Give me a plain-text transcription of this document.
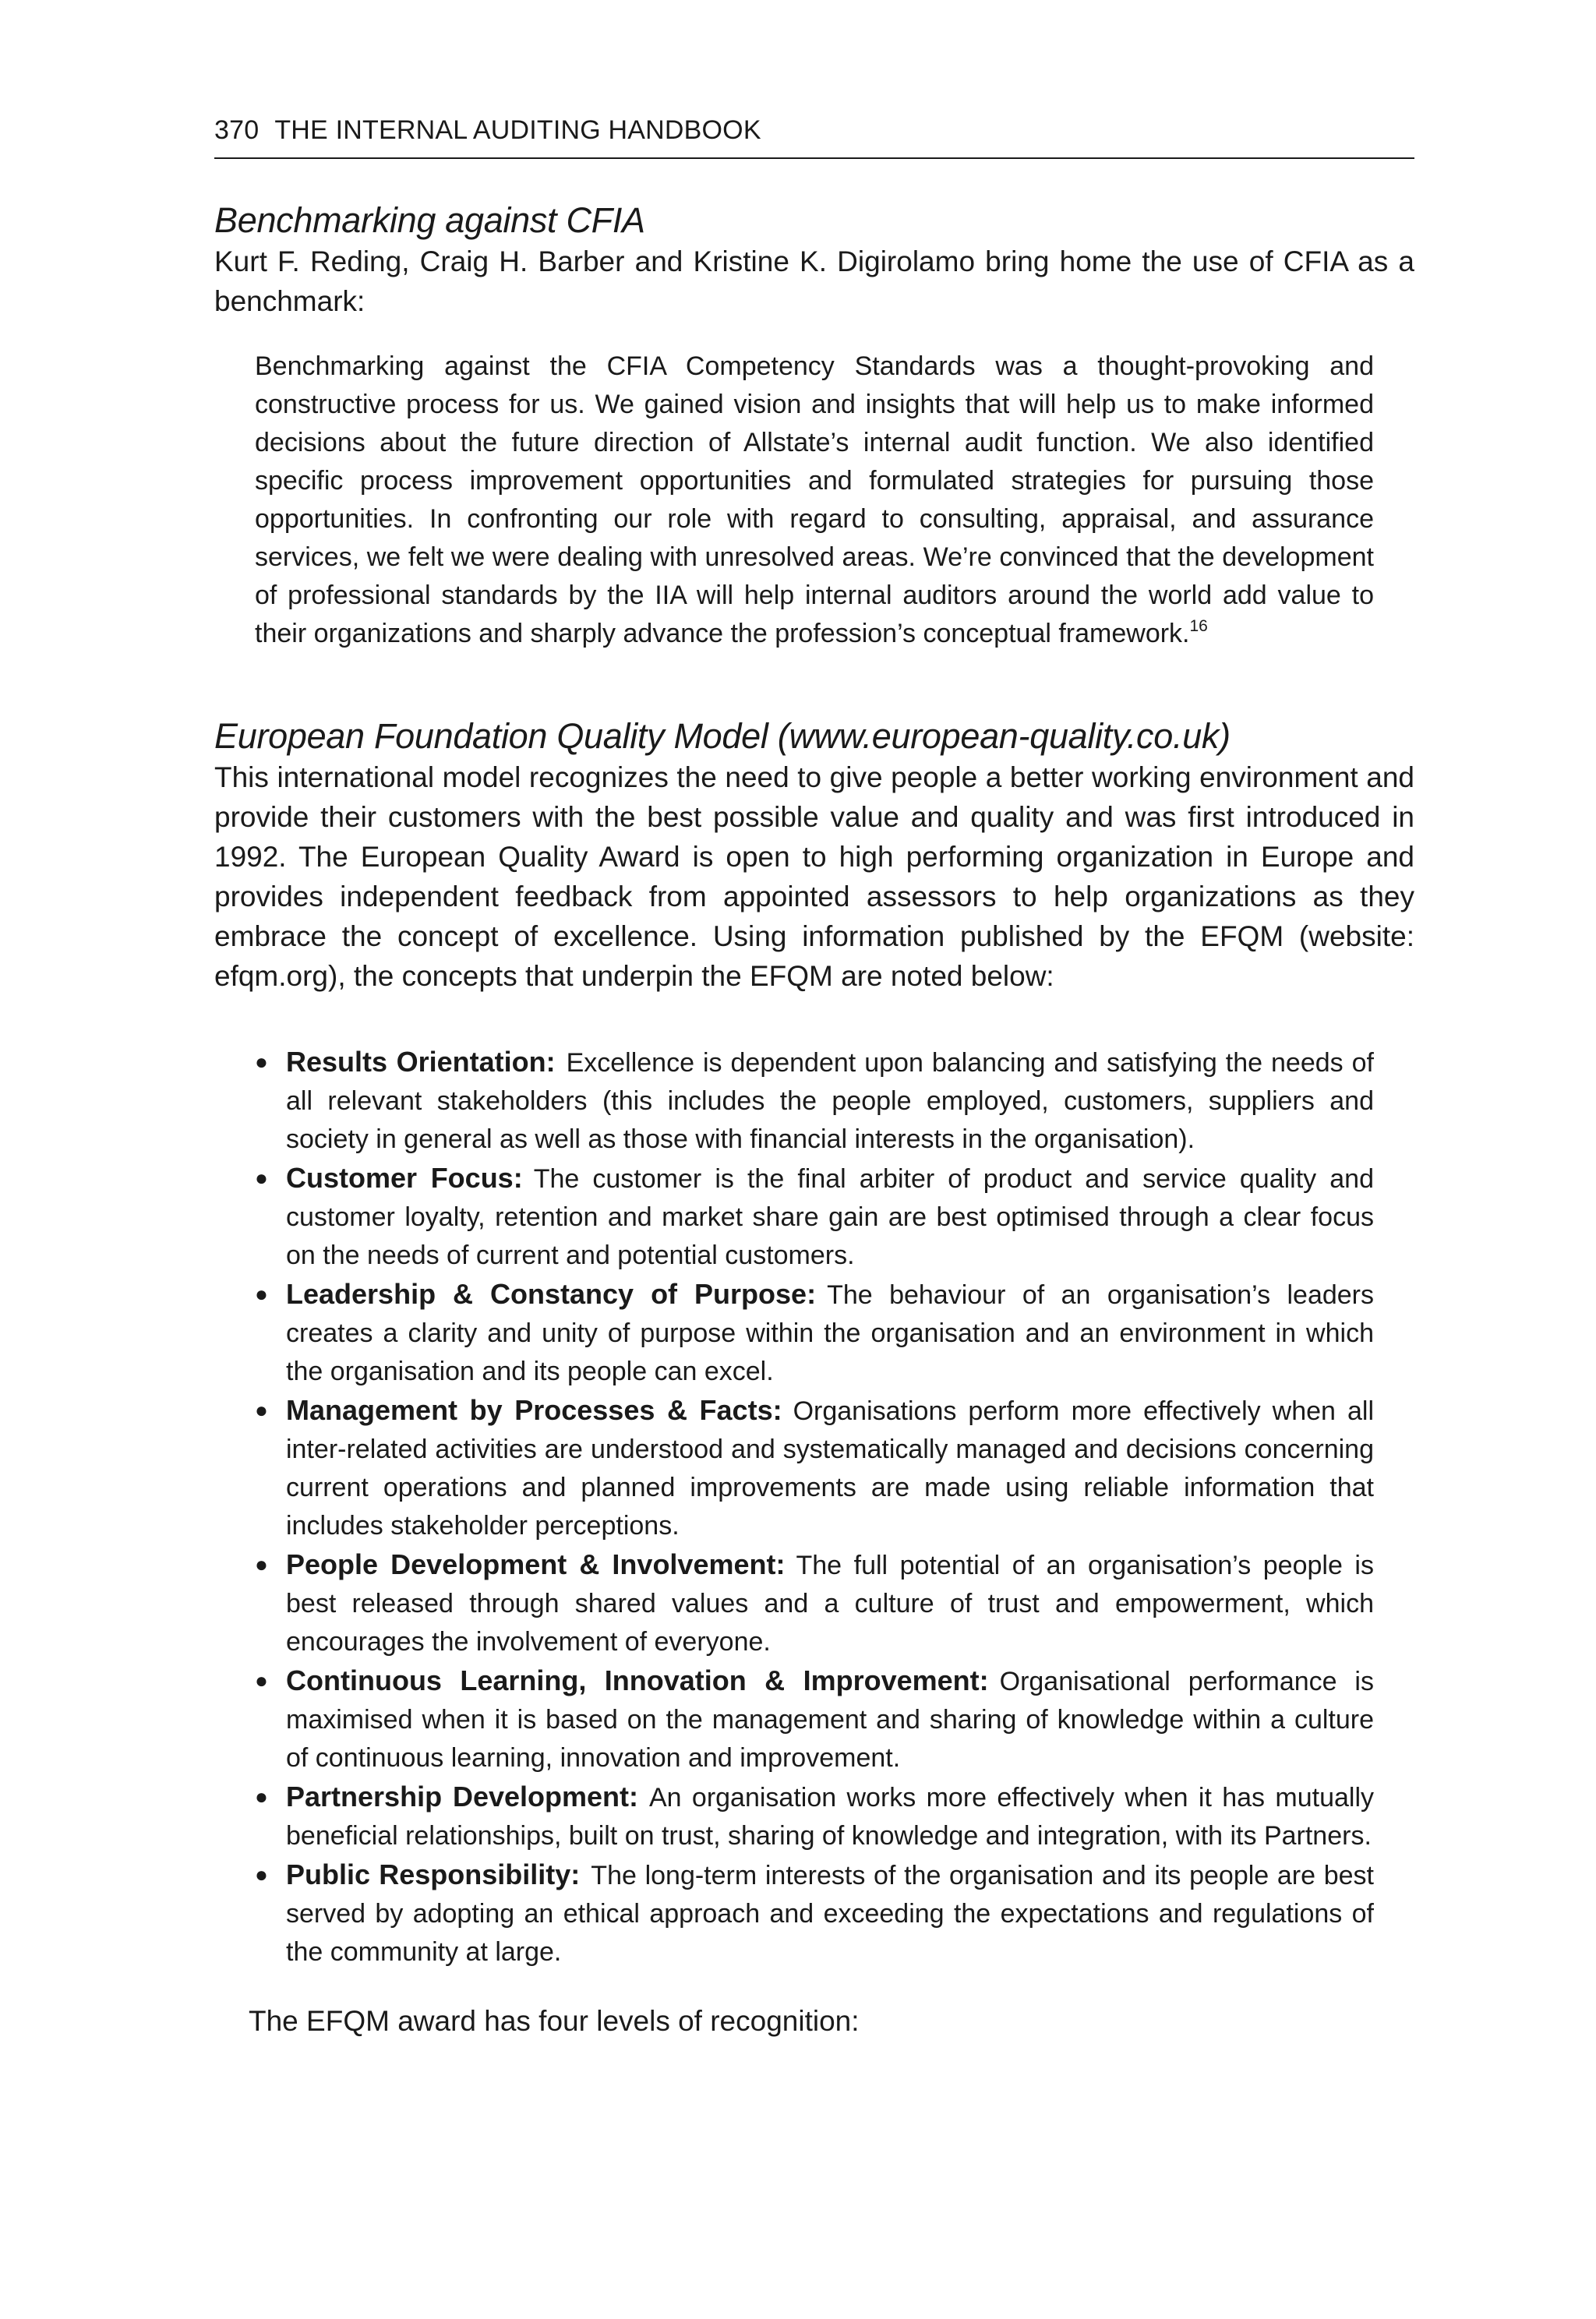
370 THE INTERNAL AUDITING HANDBOOK
Benchmarking against CFIA

Kurt F. Reding, Craig H. Barber and Kristine K. Digirolamo bring home the use of CFIA as a benchmark:

Benchmarking against the CFIA Competency Standards was a thought-provoking and constructive process for us. We gained vision and insights that will help us to make informed decisions about the future direction of Allstate’s internal audit function. We also identified specific process improvement opportunities and formulated strategies for pursuing those opportunities. In confronting our role with regard to consulting, appraisal, and assurance services, we felt we were dealing with unresolved areas. We’re convinced that the development of professional standards by the IIA will help internal auditors around the world add value to their organizations and sharply advance the profession’s conceptual framework.$^{16}$
European Foundation Quality Model (www.european-quality.co.uk)

This international model recognizes the need to give people a better working environment and provide their customers with the best possible value and quality and was first introduced in 1992. The European Quality Award is open to high performing organization in Europe and provides independent feedback from appointed assessors to help organizations as they embrace the concept of excellence. Using information published by the EFQM (website: efqm.org), the concepts that underpin the EFQM are noted below:

● Results Orientation: Excellence is dependent upon balancing and satisfying the needs of all relevant stakeholders (this includes the people employed, customers, suppliers and society in general as well as those with financial interests in the organisation).
● Customer Focus: The customer is the final arbiter of product and service quality and customer loyalty, retention and market share gain are best optimised through a clear focus on the needs of current and potential customers.
● Leadership & Constancy of Purpose: The behaviour of an organisation’s leaders creates a clarity and unity of purpose within the organisation and an environment in which the organisation and its people can excel.
● Management by Processes & Facts: Organisations perform more effectively when all inter-related activities are understood and systematically managed and decisions concerning current operations and planned improvements are made using reliable information that includes stakeholder perceptions.
● People Development & Involvement: The full potential of an organisation’s people is best released through shared values and a culture of trust and empowerment, which encourages the involvement of everyone.
● Continuous Learning, Innovation & Improvement: Organisational performance is maximised when it is based on the management and sharing of knowledge within a culture of continuous learning, innovation and improvement.
● Partnership Development: An organisation works more effectively when it has mutually beneficial relationships, built on trust, sharing of knowledge and integration, with its Partners.
● Public Responsibility: The long-term interests of the organisation and its people are best served by adopting an ethical approach and exceeding the expectations and regulations of the community at large.

The EFQM award has four levels of recognition:
